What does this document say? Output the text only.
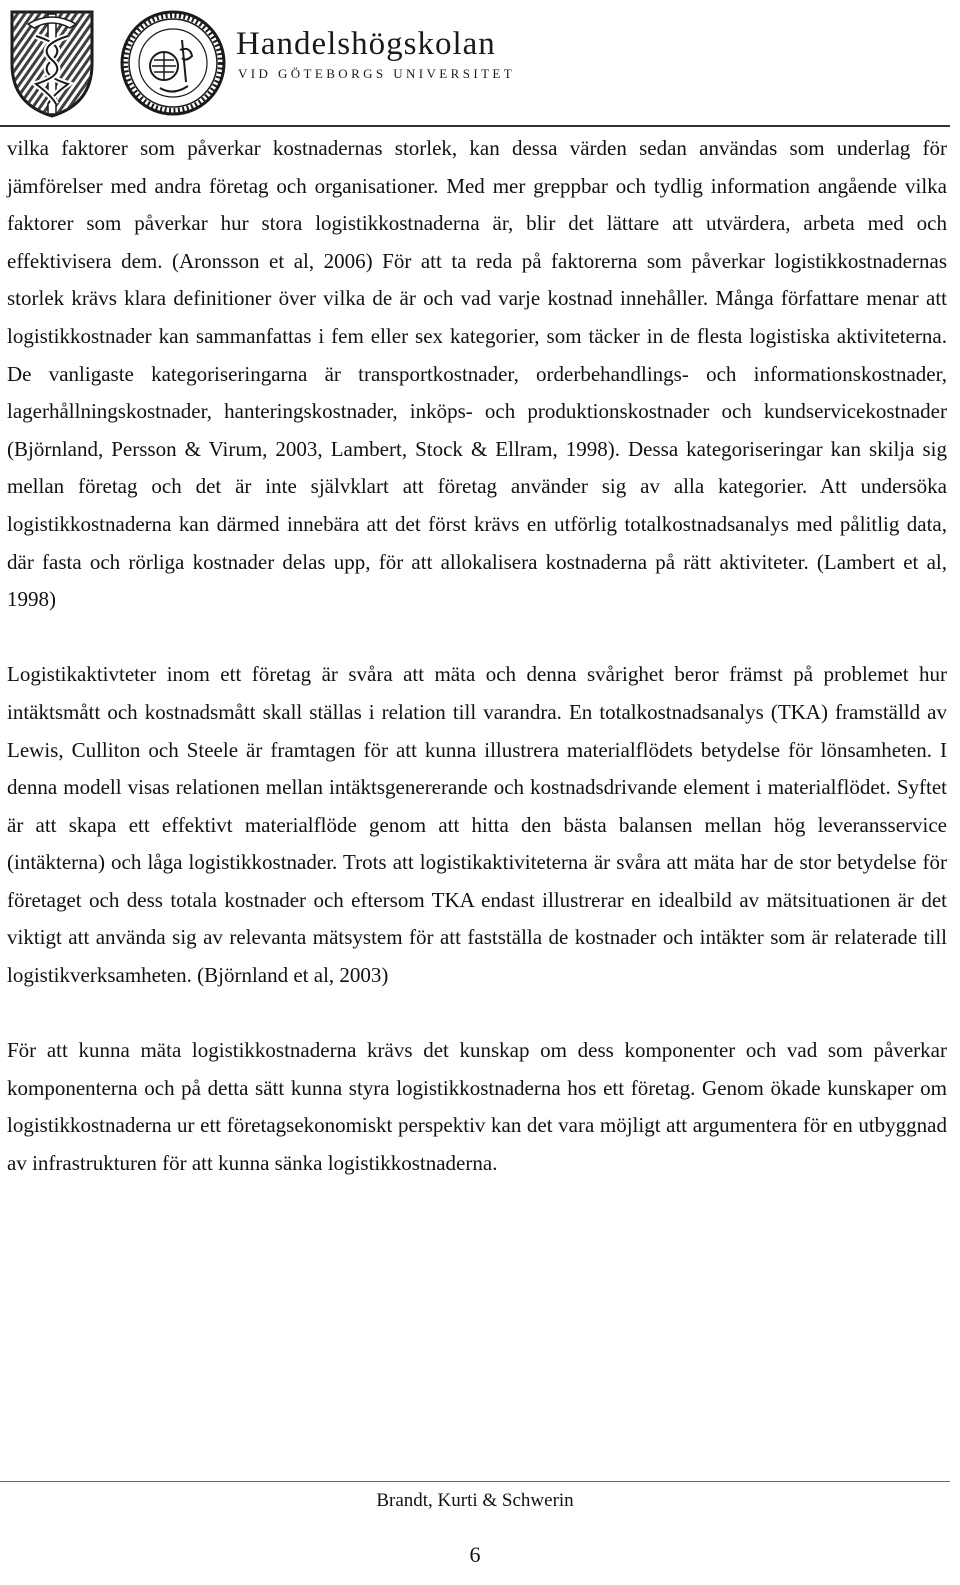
Handelshögskolan
VID GÖTEBORGS UNIVERSITET

vilka faktorer som påverkar kostnadernas storlek, kan dessa värden sedan användas som underlag för jämförelser med andra företag och organisationer. Med mer greppbar och tydlig information angående vilka faktorer som påverkar hur stora logistikkostnaderna är, blir det lättare att utvärdera, arbeta med och effektivisera dem. (Aronsson et al, 2006) För att ta reda på faktorerna som påverkar logistikkostnadernas storlek krävs klara definitioner över vilka de är och vad varje kostnad innehåller. Många författare menar att logistikkostnader kan sammanfattas i fem eller sex kategorier, som täcker in de flesta logistiska aktiviteterna. De vanligaste kategoriseringarna är transportkostnader, orderbehandlings- och informationskostnader, lagerhållningskostnader, hanteringskostnader, inköps- och produktionskostnader och kundservicekostnader (Björnland, Persson & Virum, 2003, Lambert, Stock & Ellram, 1998). Dessa kategoriseringar kan skilja sig mellan företag och det är inte självklart att företag använder sig av alla kategorier. Att undersöka logistikkostnaderna kan därmed innebära att det först krävs en utförlig totalkostnadsanalys med pålitlig data, där fasta och rörliga kostnader delas upp, för att allokalisera kostnaderna på rätt aktiviteter. (Lambert et al, 1998)

Logistikaktivteter inom ett företag är svåra att mäta och denna svårighet beror främst på problemet hur intäktsmått och kostnadsmått skall ställas i relation till varandra. En totalkostnadsanalys (TKA) framställd av Lewis, Culliton och Steele är framtagen för att kunna illustrera materialflödets betydelse för lönsamheten. I denna modell visas relationen mellan intäktsgenererande och kostnadsdrivande element i materialflödet. Syftet är att skapa ett effektivt materialflöde genom att hitta den bästa balansen mellan hög leveransservice (intäkterna) och låga logistikkostnader. Trots att logistikaktiviteterna är svåra att mäta har de stor betydelse för företaget och dess totala kostnader och eftersom TKA endast illustrerar en idealbild av mätsituationen är det viktigt att använda sig av relevanta mätsystem för att fastställa de kostnader och intäkter som är relaterade till logistikverksamheten. (Björnland et al, 2003)

För att kunna mäta logistikkostnaderna krävs det kunskap om dess komponenter och vad som påverkar komponenterna och på detta sätt kunna styra logistikkostnaderna hos ett företag. Genom ökade kunskaper om logistikkostnaderna ur ett företagsekonomiskt perspektiv kan det vara möjligt att argumentera för en utbyggnad av infrastrukturen för att kunna sänka logistikkostnaderna.

Brandt, Kurti & Schwerin
6
